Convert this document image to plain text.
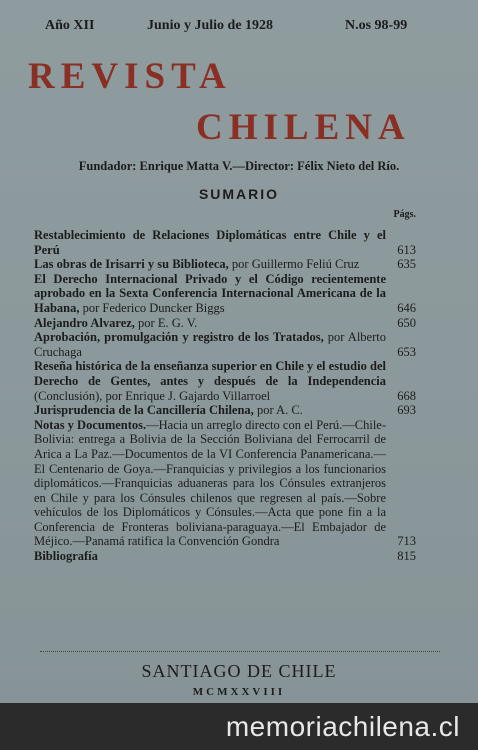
Año XII	Junio y Julio de 1928	N.os 98-99
REVISTA
CHILENA
Fundador: Enrique Matta V.—Director: Félix Nieto del Río.
SUMARIO
Págs.
Restablecimiento de Relaciones Diplomáticas entre Chile y el Perú	613
Las obras de Irisarri y su Biblioteca, por Guillermo Feliú Cruz	635
El Derecho Internacional Privado y el Código recientemente aprobado en la Sexta Conferencia Internacional Americana de la Habana, por Federico Duncker Biggs	646
Alejandro Alvarez, por E. G. V.	650
Aprobación, promulgación y registro de los Tratados, por Alberto Cruchaga	653
Reseña histórica de la enseñanza superior en Chile y el estudio del Derecho de Gentes, antes y después de la Independencia (Conclusión), por Enrique J. Gajardo Villarroel	668
Jurisprudencia de la Cancillería Chilena, por A. C.	693
Notas y Documentos.—Hacia un arreglo directo con el Perú.—Chile-Bolivia: entrega a Bolivia de la Sección Boliviana del Ferrocarril de Arica a La Paz.—Documentos de la VI Conferencia Panamericana.—El Centenario de Goya.—Franquicias y privilegios a los funcionarios diplomáticos.—Franquicias aduaneras para los Cónsules extranjeros en Chile y para los Cónsules chilenos que regresen al país.—Sobre vehículos de los Diplomáticos y Cónsules.—Acta que pone fin a la Conferencia de Fronteras boliviana-paraguaya.—El Embajador de Méjico.—Panamá ratifica la Convención Gondra	713
Bibliografía	815
SANTIAGO DE CHILE
MCMXXVIII
memoriachilena.cl
